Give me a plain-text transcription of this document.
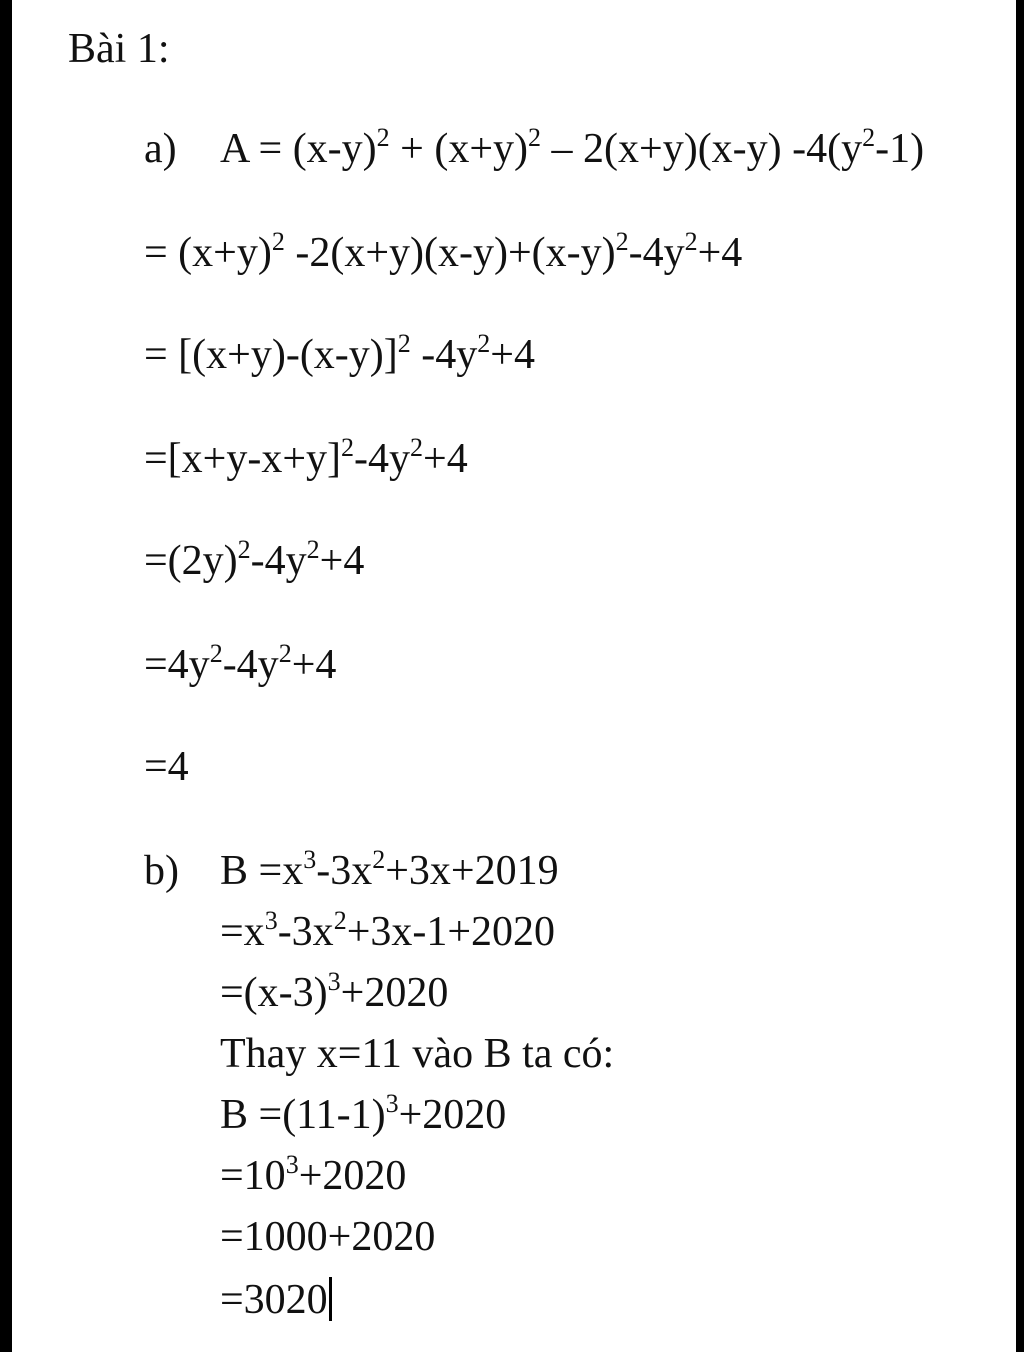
Bài 1:
a) $A = (x-y)^2 + (x+y)^2 - 2(x+y)(x-y)$ $-4(y^2-1)$
= $(x+y)^2$ $-2(x+y)(x-y)+(x-y)^2-4y^2+4$
= $[(x+y)-(x-y)]^2$ $-4y^2+4$
$=[x+y-x+y]^2-4y^2+4$
$=(2y)^2-4y^2+4$
$=4y^2-4y^2+4$
=4
b) $B =x^3-3x^2+3x+2019$
$=x^3-3x^2+3x-1+2020$
$=(x-3)^3+2020$
Thay x=11 vào B ta có:
$B =(11-1)^3+2020$
$=10^3+2020$
=1000+2020
=3020
